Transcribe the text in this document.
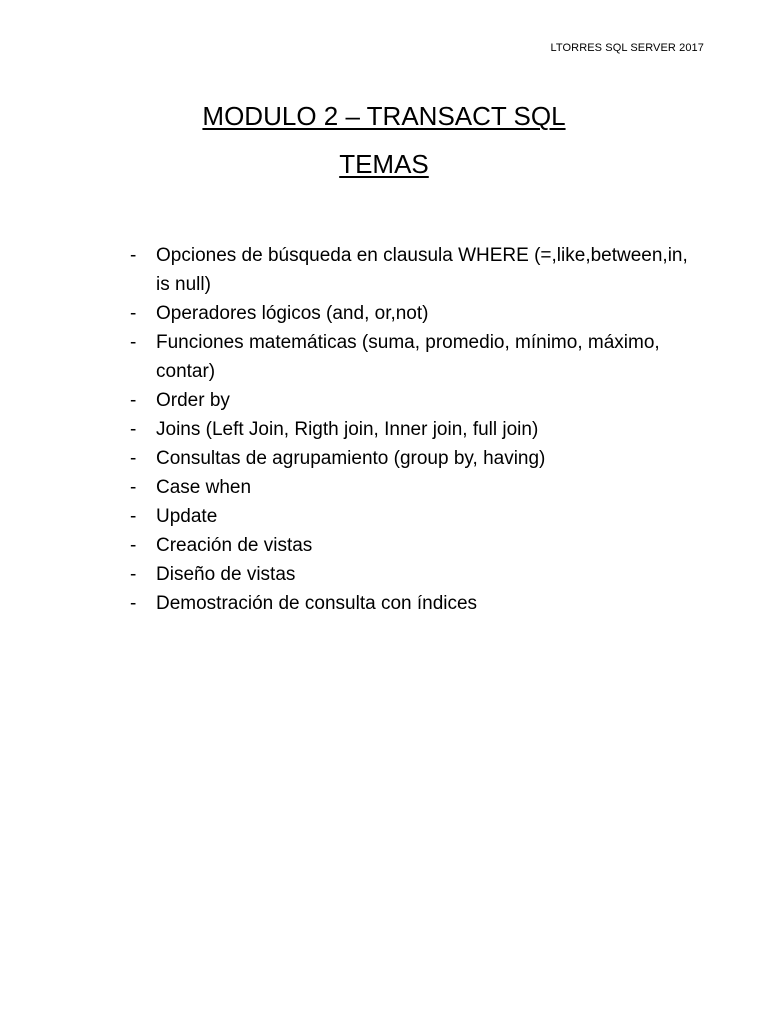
LTORRES SQL SERVER 2017
MODULO 2 – TRANSACT SQL
TEMAS
- Opciones de búsqueda en clausula WHERE (=,like,between,in, is null)
- Operadores lógicos (and, or,not)
- Funciones matemáticas (suma, promedio, mínimo, máximo, contar)
- Order by
- Joins (Left Join, Rigth join, Inner join, full join)
- Consultas de agrupamiento (group by, having)
- Case when
- Update
- Creación de vistas
- Diseño de vistas
- Demostración de consulta con índices
